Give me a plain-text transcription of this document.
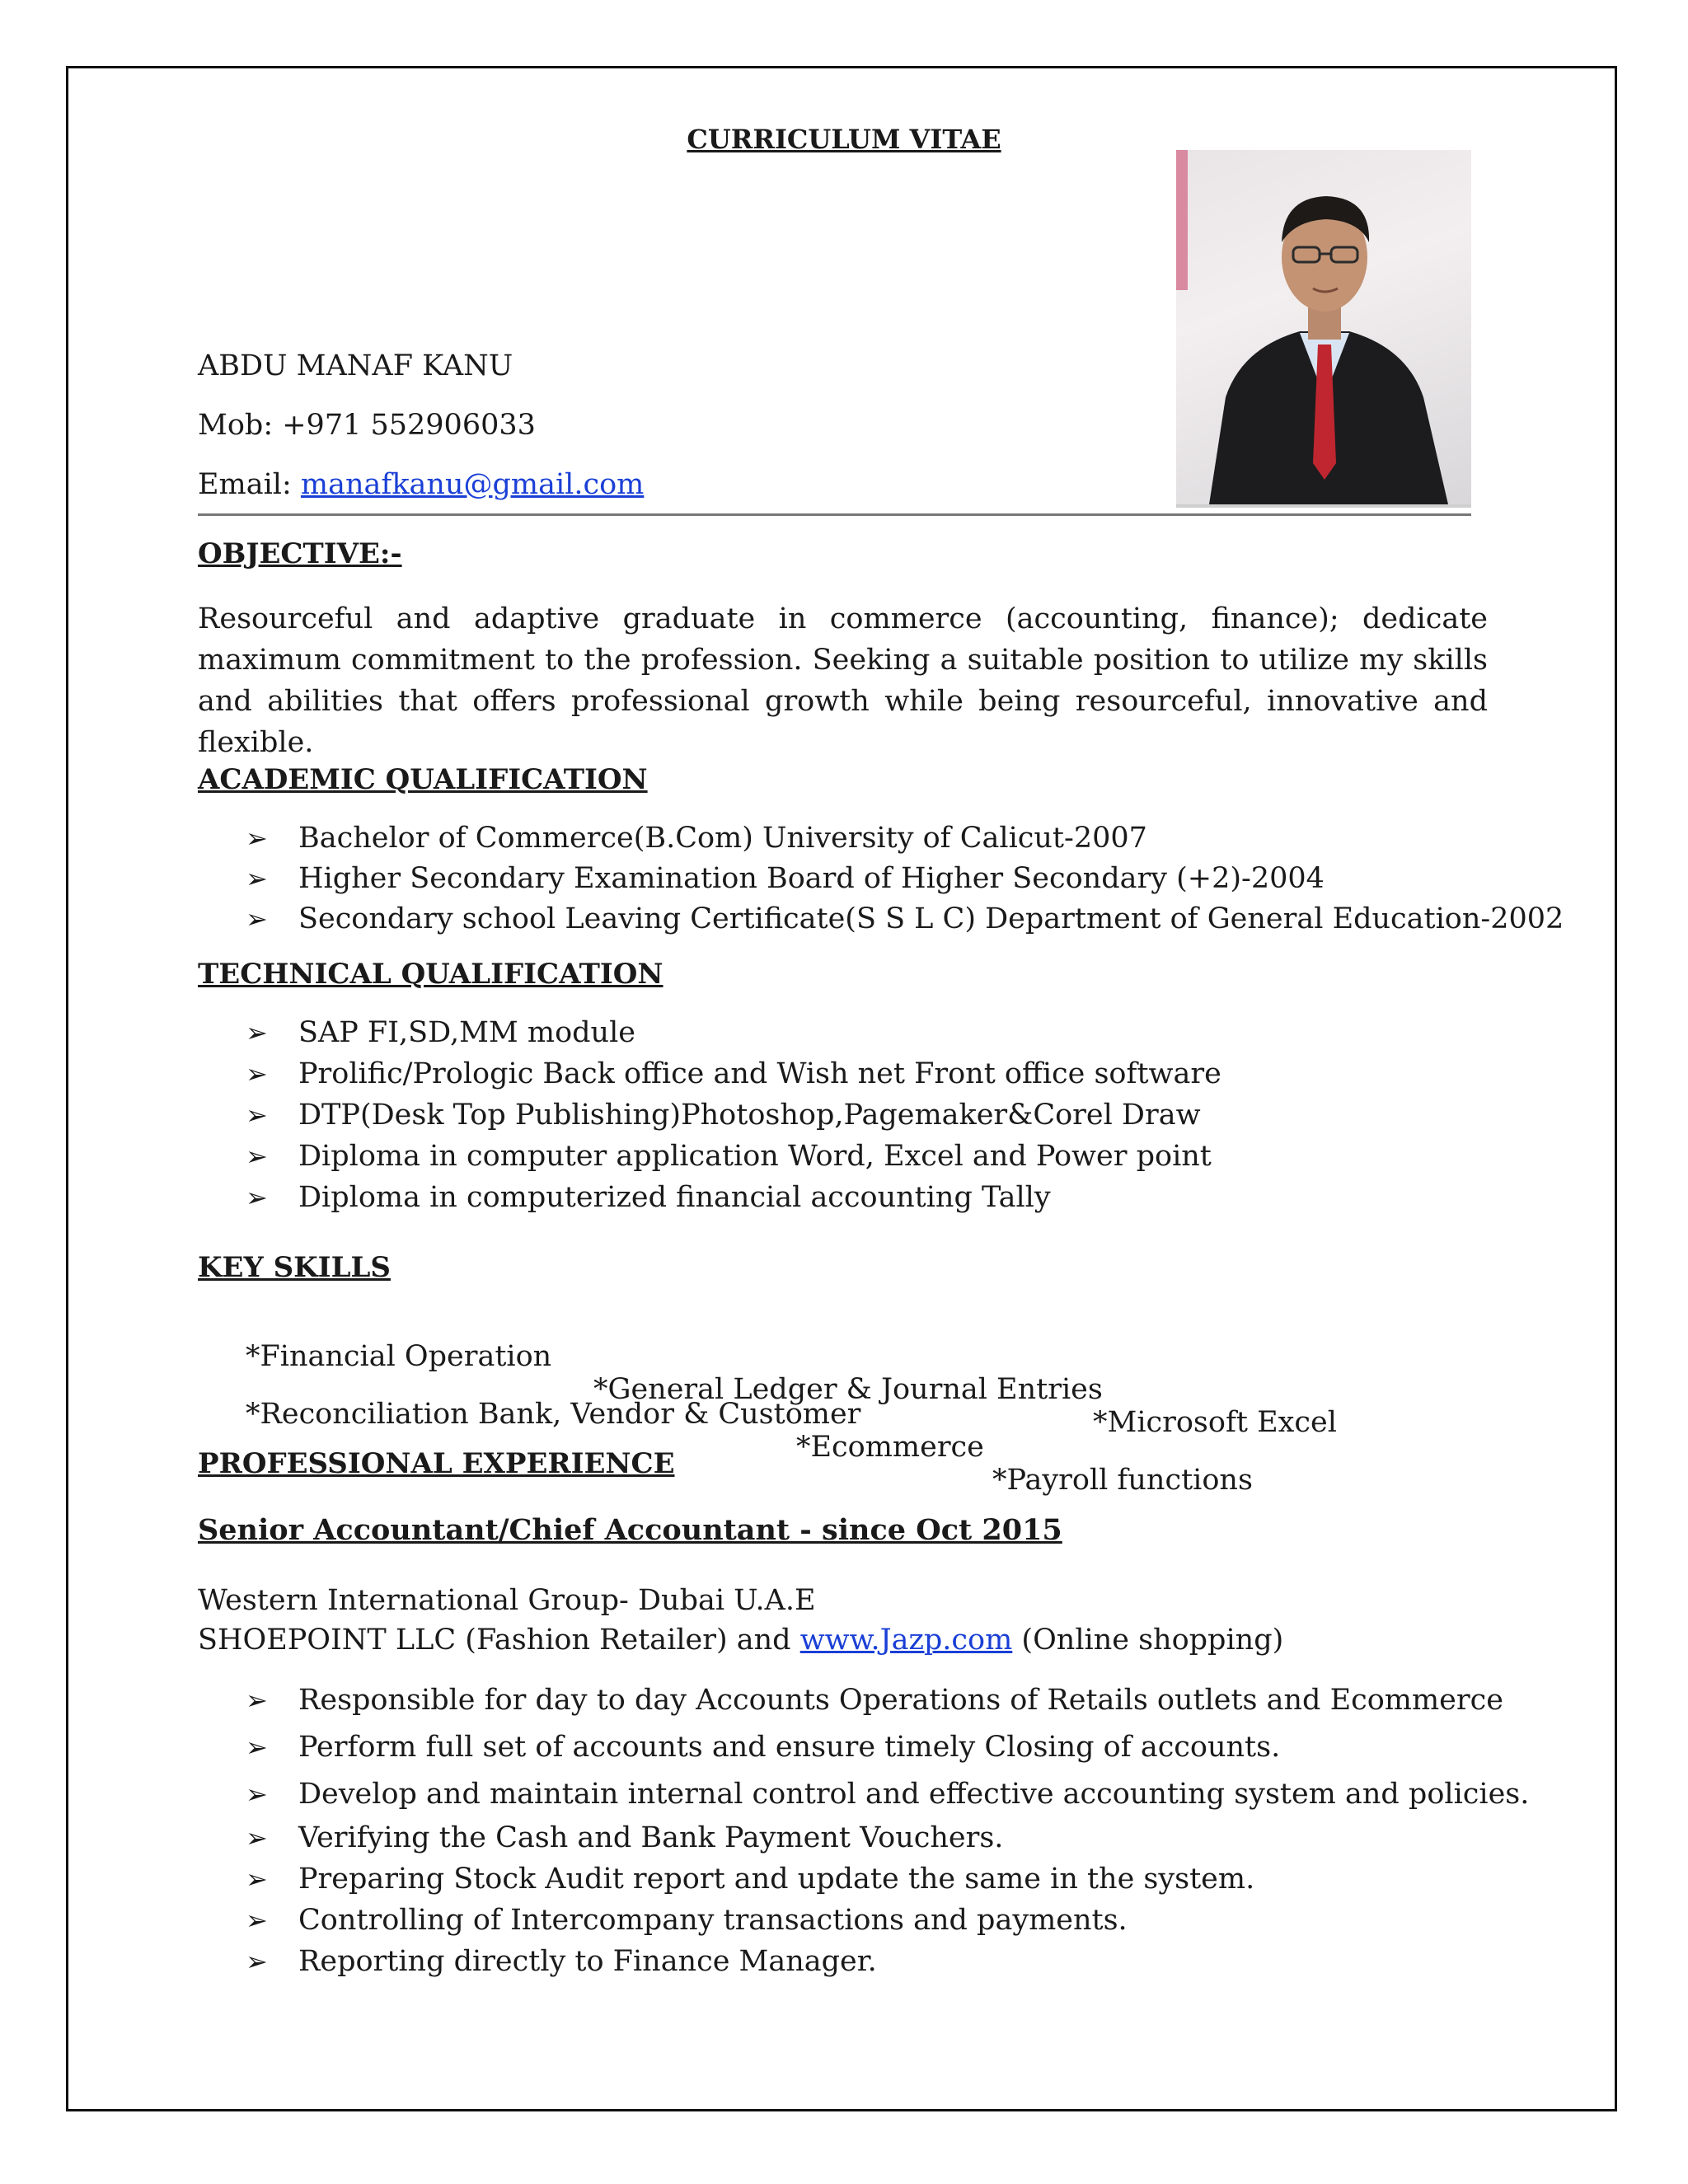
CURRICULUM VITAE
ABDU MANAF KANU
Mob: +971 552906033
Email: manafkanu@gmail.com
OBJECTIVE:-
Resourceful and adaptive graduate in commerce (accounting, finance); dedicate maximum commitment to the profession. Seeking a suitable position to utilize my skills and abilities that offers professional growth while being resourceful, innovative and flexible.
ACADEMIC QUALIFICATION
➢	Bachelor of Commerce(B.Com) University of Calicut-2007
➢	Higher Secondary Examination Board of Higher Secondary (+2)-2004
➢	Secondary school Leaving Certificate(S S L C) Department of General Education-2002
TECHNICAL QUALIFICATION
➢	SAP FI,SD,MM module
➢	Prolific/Prologic Back office and Wish net Front office software
➢	DTP(Desk Top Publishing)Photoshop,Pagemaker&Corel Draw
➢	Diploma in computer application Word, Excel and Power point
➢	Diploma in computerized financial accounting Tally
KEY SKILLS

*Financial Operation

*General Ledger & Journal Entries

*Microsoft Excel

*Reconciliation Bank, Vendor & Customer

*Ecommerce

*Payroll functions

PROFESSIONAL EXPERIENCE
Senior Accountant/Chief Accountant - since Oct 2015
Western International Group- Dubai U.A.E
SHOEPOINT LLC (Fashion Retailer) and www.Jazp.com (Online shopping)
➢	Responsible for day to day Accounts Operations of Retails outlets and Ecommerce
➢	Perform full set of accounts and ensure timely Closing of accounts.
➢	Develop and maintain internal control and effective accounting system and policies.
➢	Verifying the Cash and Bank Payment Vouchers.
➢	Preparing Stock Audit report and update the same in the system.
➢	Controlling of Intercompany transactions and payments.
➢	Reporting directly to Finance Manager.
